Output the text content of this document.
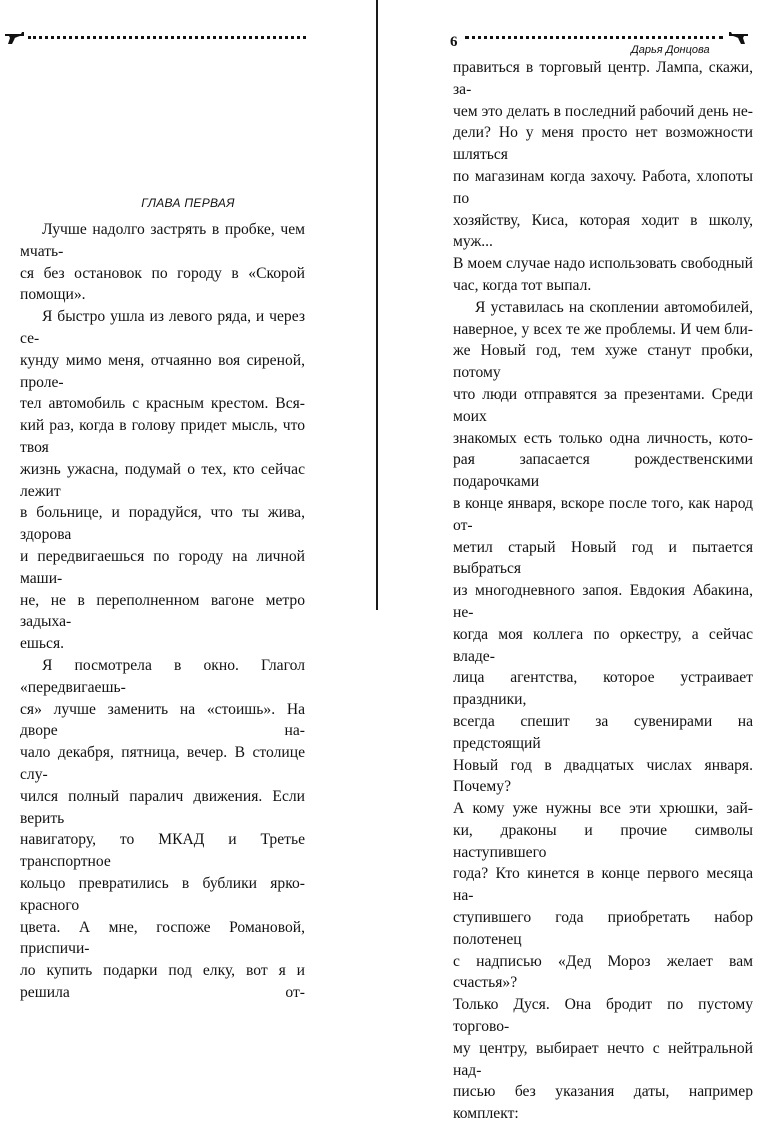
ГЛАВА ПЕРВАЯ

Лучше надолго застрять в пробке, чем мчать-

ся без остановок по городу в «Скорой помощи».

Я быстро ушла из левого ряда, и через се-

кунду мимо меня, отчаянно воя сиреной, проле-

тел автомобиль с красным крестом. Вся-

кий раз, когда в голову придет мысль, что твоя

жизнь ужасна, подумай о тех, кто сейчас лежит

в больнице, и порадуйся, что ты жива, здорова

и передвигаешься по городу на личной маши-

не, не в переполненном вагоне метро задыха-

ешься.

Я посмотрела в окно. Глагол «передвигаешь-

ся» лучше заменить на «стоишь». На дворе на-

чало декабря, пятница, вечер. В столице слу-

чился полный паралич движения. Если верить

навигатору, то МКАД и Третье транспортное

кольцо превратились в бублики ярко-красного

цвета. А мне, госпоже Романовой, приспичи-

ло купить подарки под елку, вот я и решила от-

6	Дарья Донцова

правиться в торговый центр. Лампа, скажи, за-

чем это делать в последний рабочий день не-

дели? Но у меня просто нет возможности шляться

по магазинам когда захочу. Работа, хлопоты по

хозяйству, Киса, которая ходит в школу, муж...

В моем случае надо использовать свободный

час, когда тот выпал.

Я уставилась на скоплении автомобилей,

наверное, у всех те же проблемы. И чем бли-

же Новый год, тем хуже станут пробки, потому

что люди отправятся за презентами. Среди моих

знакомых есть только одна личность, кото-

рая запасается рождественскими подарочками

в конце января, вскоре после того, как народ от-

метил старый Новый год и пытается выбраться

из многодневного запоя. Евдокия Абакина, не-

когда моя коллега по оркестру, а сейчас владе-

лица агентства, которое устраивает праздники,

всегда спешит за сувенирами на предстоящий

Новый год в двадцатых числах января. Почему?

А кому уже нужны все эти хрюшки, зай-

ки, драконы и прочие символы наступившего

года? Кто кинется в конце первого месяца на-

ступившего года приобретать набор полотенец

с надписью «Дед Мороз желает вам счастья»?

Только Дуся. Она бродит по пустому торгово-

му центру, выбирает нечто с нейтральной над-

писью без указания даты, например комплект:
